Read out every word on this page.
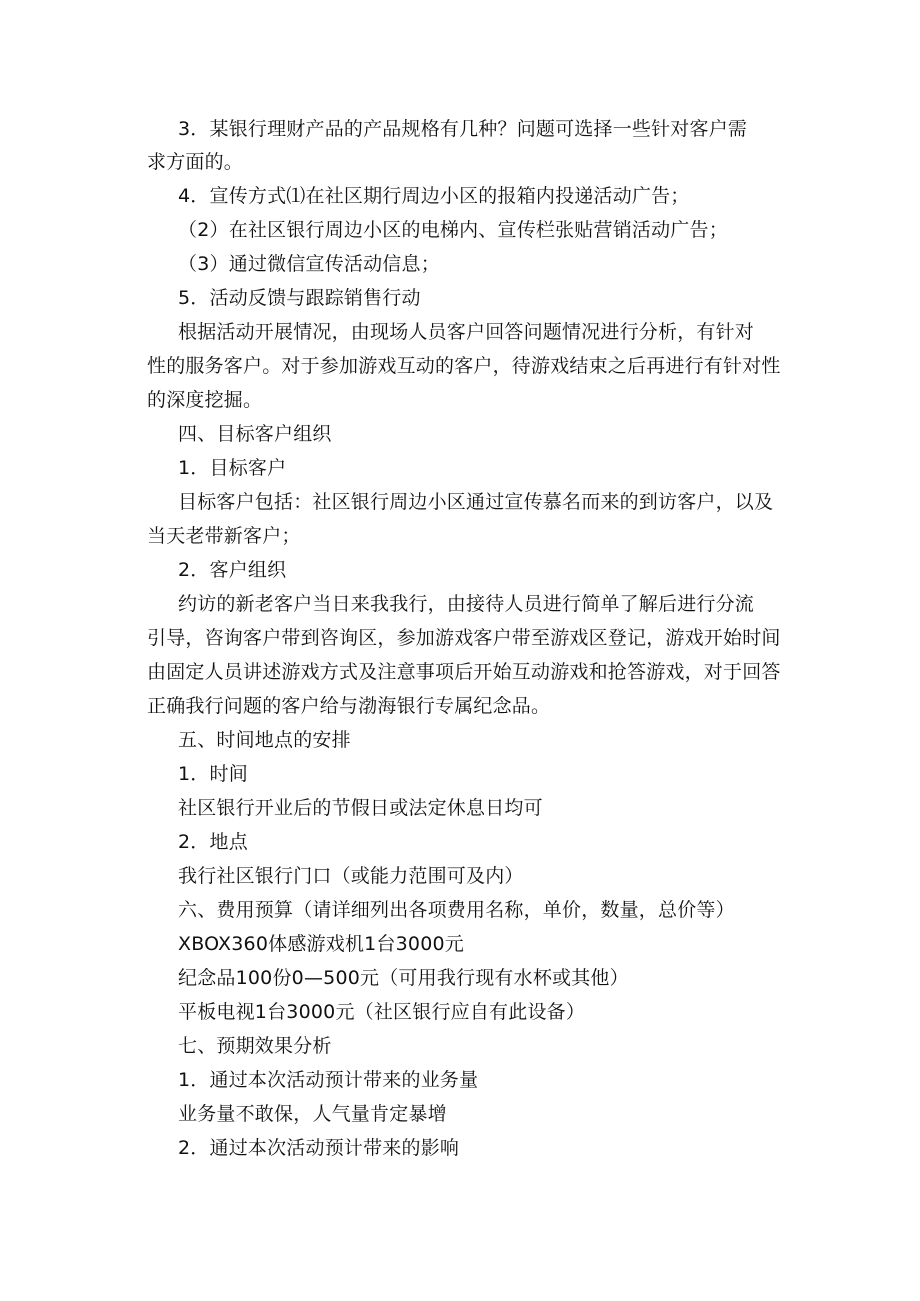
3．某银行理财产品的产品规格有几种？问题可选择一些针对客户需
求方面的。
4．宣传方式⑴在社区期行周边小区的报箱内投递活动广告；
（2）在社区银行周边小区的电梯内、宣传栏张贴营销活动广告；
（3）通过微信宣传活动信息；
5．活动反馈与跟踪销售行动
根据活动开展情况，由现场人员客户回答问题情况进行分析，有针对
性的服务客户。对于参加游戏互动的客户，待游戏结束之后再进行有针对性
的深度挖掘。
四、目标客户组织
1．目标客户
目标客户包括：社区银行周边小区通过宣传慕名而来的到访客户，以及
当天老带新客户；
2．客户组织
约访的新老客户当日来我我行，由接待人员进行简单了解后进行分流
引导，咨询客户带到咨询区，参加游戏客户带至游戏区登记，游戏开始时间
由固定人员讲述游戏方式及注意事项后开始互动游戏和抢答游戏，对于回答
正确我行问题的客户给与渤海银行专属纪念品。
五、时间地点的安排
1．时间
社区银行开业后的节假日或法定休息日均可
2．地点
我行社区银行门口（或能力范围可及内）
六、费用预算（请详细列出各项费用名称，单价，数量，总价等）
XBOX360体感游戏机1台3000元
纪念品100份0—500元（可用我行现有水杯或其他）
平板电视1台3000元（社区银行应自有此设备）
七、预期效果分析
1．通过本次活动预计带来的业务量
业务量不敢保，人气量肯定暴增
2．通过本次活动预计带来的影响
